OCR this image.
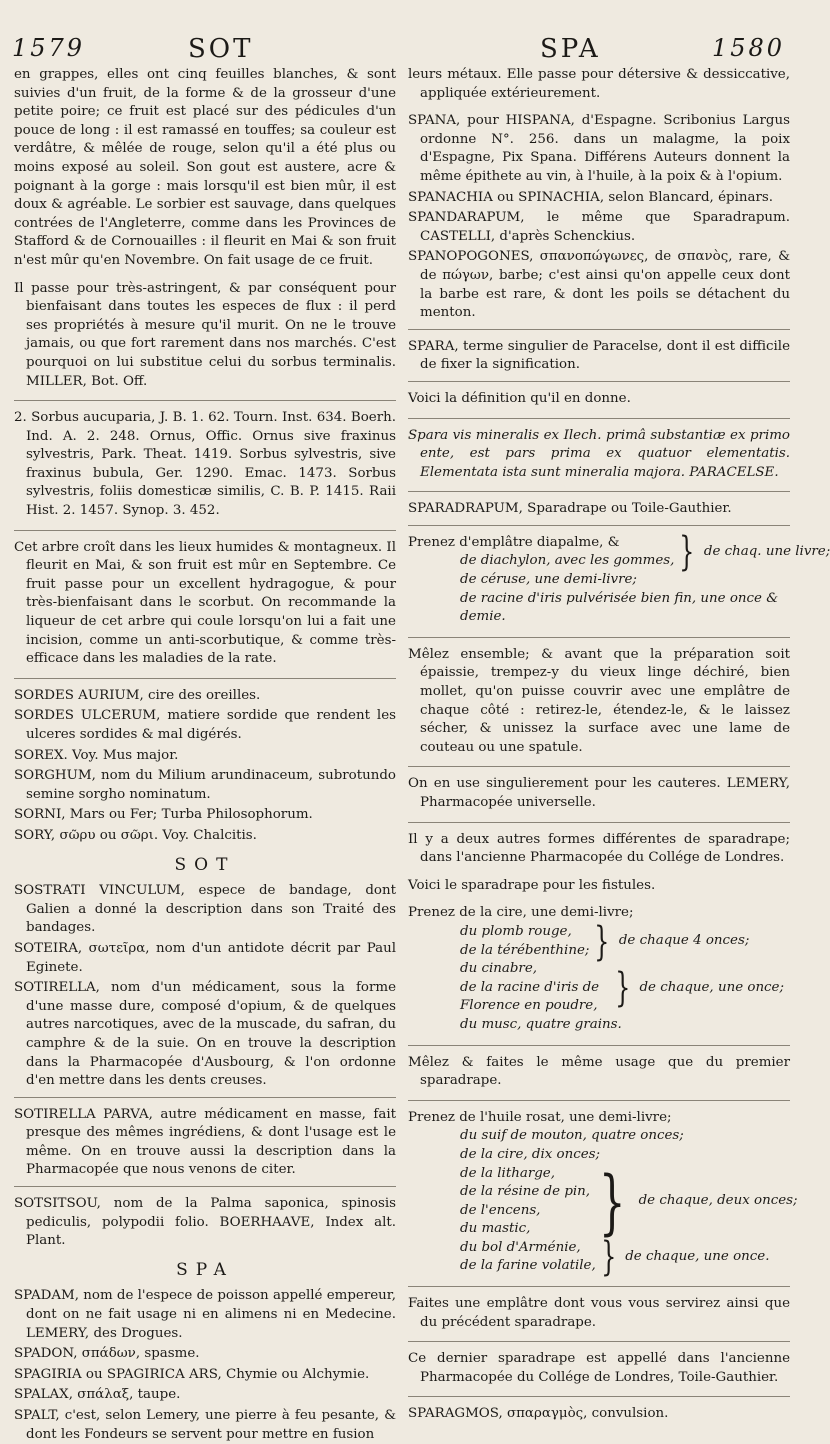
1579	SOT	SPA	1580

en grappes, elles ont cinq feuilles blanches, & sont suivies d'un fruit, de la forme & de la grosseur d'une petite poire; ce fruit est placé sur des pédicules d'un pouce de long : il est ramassé en touffes; sa couleur est verdâtre, & mêlée de rouge, selon qu'il a été plus ou moins exposé au soleil. Son gout est austere, acre & poignant à la gorge : mais lorsqu'il est bien mûr, il est doux & agréable. Le sorbier est sauvage, dans quelques contrées de l'Angleterre, comme dans les Provinces de Stafford & de Cornouailles : il fleurit en Mai & son fruit n'est mûr qu'en Novembre. On fait usage de ce fruit.

Il passe pour très-astringent, & par conséquent pour bienfaisant dans toutes les especes de flux : il perd ses propriétés à mesure qu'il murit. On ne le trouve jamais, ou que fort rarement dans nos marchés. C'est pourquoi on lui substitue celui du sorbus terminalis. MILLER, Bot. Off.

2. Sorbus aucuparia, J. B. 1. 62. Tourn. Inst. 634. Boerh. Ind. A. 2. 248. Ornus, Offic. Ornus sive fraxinus sylvestris, Park. Theat. 1419. Sorbus sylvestris, sive fraxinus bubula, Ger. 1290. Emac. 1473. Sorbus sylvestris, foliis domesticæ similis, C. B. P. 1415. Raii Hist. 2. 1457. Synop. 3. 452.

Cet arbre croît dans les lieux humides & montagneux. Il fleurit en Mai, & son fruit est mûr en Septembre. Ce fruit passe pour un excellent hydragogue, & pour très-bienfaisant dans le scorbut. On recommande la liqueur de cet arbre qui coule lorsqu'on lui a fait une incision, comme un anti-scorbutique, & comme très-efficace dans les maladies de la rate.

SORDES AURIUM, cire des oreilles.

SORDES ULCERUM, matiere sordide que rendent les ulceres sordides & mal digérés.

SOREX. Voy. Mus major.

SORGHUM, nom du Milium arundinaceum, subrotundo semine sorgho nominatum.

SORNI, Mars ou Fer; Turba Philosophorum.

SORY, σῶρυ ou σῶρι. Voy. Chalcitis.

SOT

SOSTRATI VINCULUM, espece de bandage, dont Galien a donné la description dans son Traité des bandages.

SOTEIRA, σωτεῖρα, nom d'un antidote décrit par Paul Eginete.

SOTIRELLA, nom d'un médicament, sous la forme d'une masse dure, composé d'opium, & de quelques autres narcotiques, avec de la muscade, du safran, du camphre & de la suie. On en trouve la description dans la Pharmacopée d'Ausbourg, & l'on ordonne d'en mettre dans les dents creuses.

SOTIRELLA PARVA, autre médicament en masse, fait presque des mêmes ingrédiens, & dont l'usage est le même. On en trouve aussi la description dans la Pharmacopée que nous venons de citer.

SOTSITSOU, nom de la Palma saponica, spinosis pediculis, polypodii folio. BOERHAAVE, Index alt. Plant.

SPA

SPADAM, nom de l'espece de poisson appellé empereur, dont on ne fait usage ni en alimens ni en Medecine. LEMERY, des Drogues.

SPADON, σπάδων, spasme.

SPAGIRIA ou SPAGIRICA ARS, Chymie ou Alchymie.

SPALAX, σπάλαξ, taupe.

SPALT, c'est, selon Lemery, une pierre à feu pesante, & dont les Fondeurs se servent pour mettre en fusion

leurs métaux. Elle passe pour détersive & dessiccative, appliquée extérieurement.

SPANA, pour HISPANA, d'Espagne. Scribonius Largus ordonne N°. 256. dans un malagme, la poix d'Espagne, Pix Spana. Différens Auteurs donnent la même épithete au vin, à l'huile, à la poix & à l'opium.

SPANACHIA ou SPINACHIA, selon Blancard, épinars.

SPANDARAPUM, le même que Sparadrapum. CASTELLI, d'après Schenckius.

SPANOPOGONES, σπανοπώγωνες, de σπανὸς, rare, & de πώγων, barbe; c'est ainsi qu'on appelle ceux dont la barbe est rare, & dont les poils se détachent du menton.

SPARA, terme singulier de Paracelse, dont il est difficile de fixer la signification.

Voici la définition qu'il en donne.

Spara vis mineralis ex Ilech. primâ substantiæ ex primo ente, est pars prima ex quatuor elementatis. Elementata ista sunt mineralia majora. PARACELSE.

SPARADRAPUM, Sparadrape ou Toile-Gauthier.

Prenez d'emplâtre diapalme, &
de diachylon, avec les gommes, } de chaq. une livre;
de céruse, une demi-livre;
de racine d'iris pulvérisée bien fin, une once & demie.

Mêlez ensemble; & avant que la préparation soit épaissie, trempez-y du vieux linge déchiré, bien mollet, qu'on puisse couvrir avec une emplâtre de chaque côté : retirez-le, étendez-le, & le laissez sécher, & unissez la surface avec une lame de couteau ou une spatule.

On en use singulierement pour les cauteres. LEMERY, Pharmacopée universelle.

Il y a deux autres formes différentes de sparadrape; dans l'ancienne Pharmacopée du Collége de Londres.

Voici le sparadrape pour les fistules.

Prenez de la cire, une demi-livre;
du plomb rouge,
de la térébenthine; } de chaque 4 onces;
du cinabre,
de la racine d'iris de Florence en poudre, } de chaque, une once;
du musc, quatre grains.

Mêlez & faites le même usage que du premier sparadrape.

Prenez de l'huile rosat, une demi-livre;
du suif de mouton, quatre onces;
de la cire, dix onces;
de la litharge,
de la résine de pin,
de l'encens,
du mastic, } de chaque, deux onces;
du bol d'Arménie,
de la farine volatile, } de chaque, une once.

Faites une emplâtre dont vous vous servirez ainsi que du précédent sparadrape.

Ce dernier sparadrape est appellé dans l'ancienne Pharmacopée du Collége de Londres, Toile-Gauthier.

SPARAGMOS, σπαραγμὸς, convulsion.
